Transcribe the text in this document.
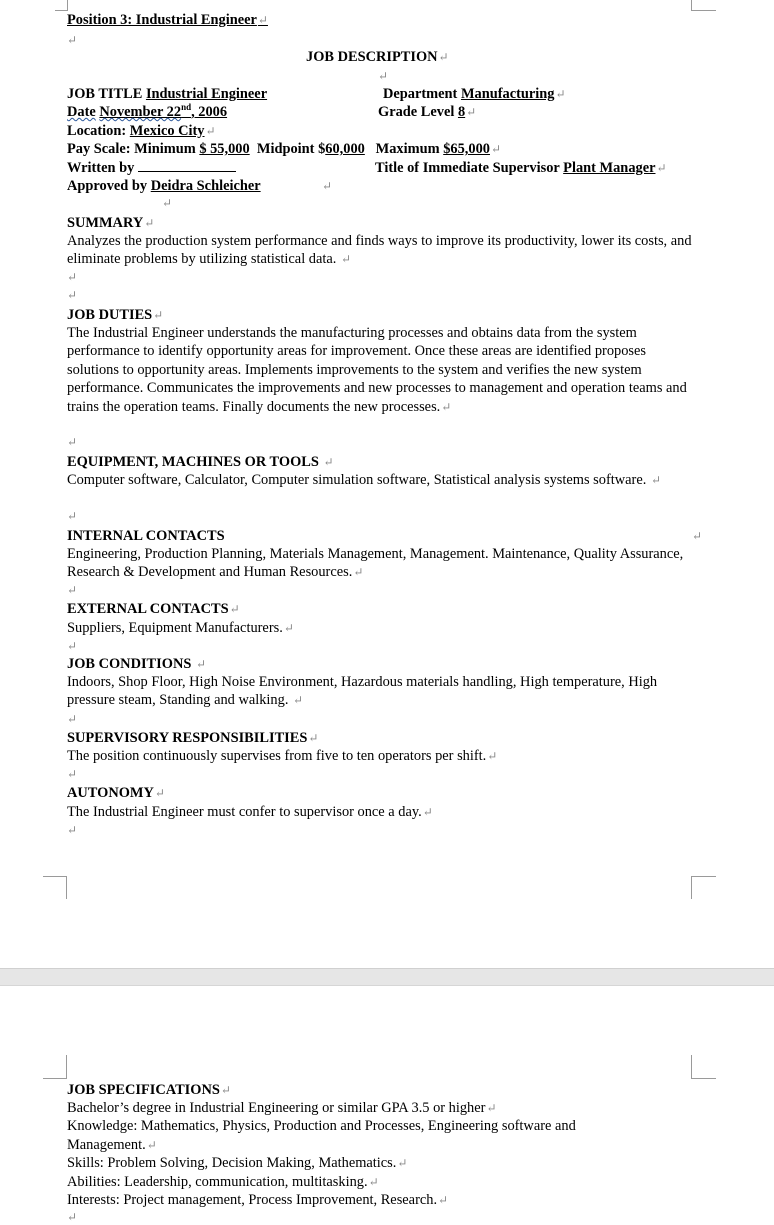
Position 3: Industrial Engineer↵
↵
JOB DESCRIPTION↵
↵
JOB TITLE Industrial Engineer	Department Manufacturing↵
Date November 22nd, 2006	Grade Level 8↵
Location: Mexico City↵
Pay Scale: Minimum $ 55,000 Midpoint $60,000 Maximum $65,000↵
Written by	Title of Immediate Supervisor Plant Manager↵
Approved by Deidra Schleicher	↵
↵
SUMMARY↵
Analyzes the production system performance and finds ways to improve its productivity, lower its costs, and eliminate problems by utilizing statistical data. ↵
↵
↵
JOB DUTIES↵
The Industrial Engineer understands the manufacturing processes and obtains data from the system performance to identify opportunity areas for improvement. Once these areas are identified proposes solutions to opportunity areas. Implements improvements to the system and verifies the new system performance. Communicates the improvements and new processes to management and operation teams and trains the operation teams. Finally documents the new processes.↵
↵
EQUIPMENT, MACHINES OR TOOLS ↵
Computer software, Calculator, Computer simulation software, Statistical analysis systems software. ↵
↵
INTERNAL CONTACTS	↵
Engineering, Production Planning, Materials Management, Management. Maintenance, Quality Assurance, Research & Development and Human Resources.↵
↵
EXTERNAL CONTACTS↵
Suppliers, Equipment Manufacturers.↵
↵
JOB CONDITIONS ↵
Indoors, Shop Floor, High Noise Environment, Hazardous materials handling, High temperature, High pressure steam, Standing and walking. ↵
↵
SUPERVISORY RESPONSIBILITIES↵
The position continuously supervises from five to ten operators per shift.↵
↵
AUTONOMY↵
The Industrial Engineer must confer to supervisor once a day.↵
↵
JOB SPECIFICATIONS↵
Bachelor’s degree in Industrial Engineering or similar GPA 3.5 or higher↵
Knowledge: Mathematics, Physics, Production and Processes, Engineering software and Management.↵
Skills: Problem Solving, Decision Making, Mathematics.↵
Abilities: Leadership, communication, multitasking.↵
Interests: Project management, Process Improvement, Research.↵
↵
